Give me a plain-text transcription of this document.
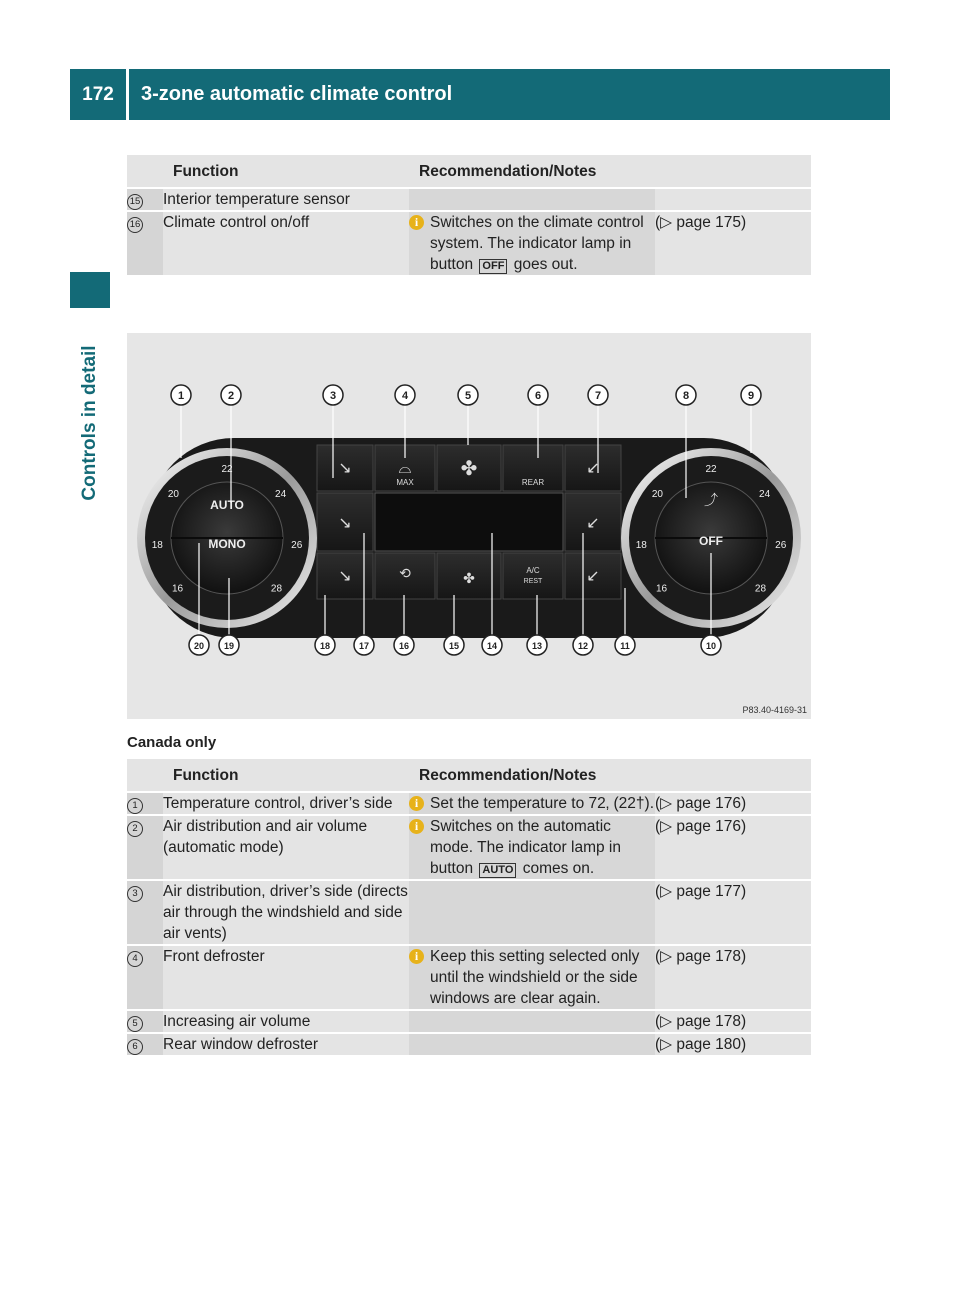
172	3-zone automatic climate control
Controls in detail
	Function	Recommendation/Notes	
15	Interior temperature sensor		
16	Climate control on/off	i Switches on the climate control system. The indicator lamp in button OFF goes out.	(▷ page 175)
MAX	REAR
A/C
REST
✤
✤
⟲
↘	↙
↘	↙
↘	↙
⌓
AUTO
MONO
20
22
24
18	26
16	28
OFF
⤴
20
22
24
18	26
16	28
1	2	3	4	5	6	7	8	9
20 19	18	17	16	15	14	13	12	11	10
P83.40-4169-31
Canada only
	Function	Recommendation/Notes	
1	Temperature control, driver’s side	i Set the temperature to 72‚ (22†).	(▷ page 176)
2	Air distribution and air volume (automatic mode)	i Switches on the automatic mode. The indicator lamp in button AUTO comes on.	(▷ page 176)
3	Air distribution, driver’s side (directs air through the windshield and side air vents)		(▷ page 177)
4	Front defroster	i Keep this setting selected only until the windshield or the side windows are clear again.	(▷ page 178)
5	Increasing air volume		(▷ page 178)
6	Rear window defroster		(▷ page 180)
